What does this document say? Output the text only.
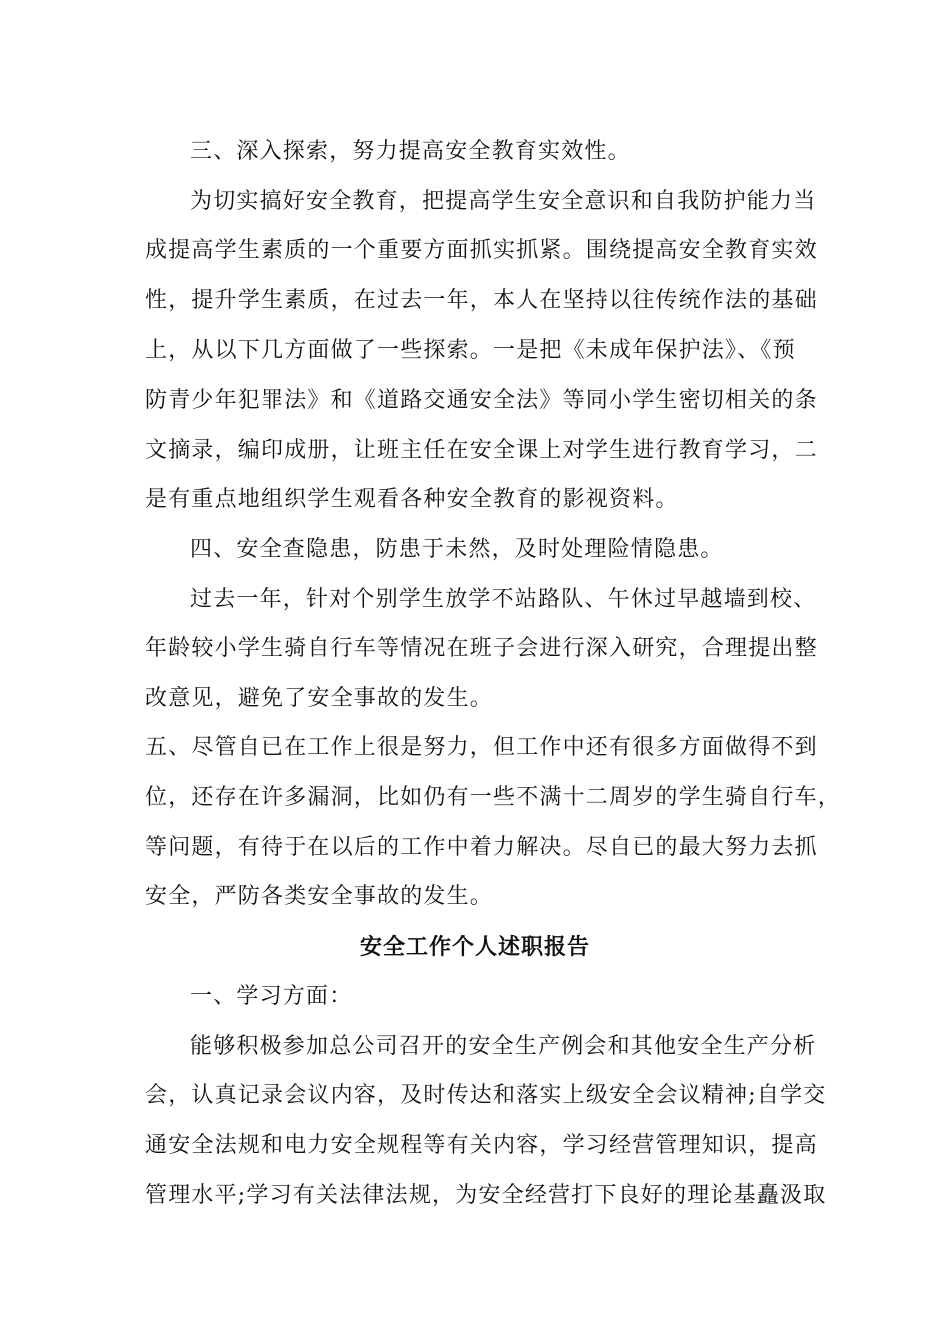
三、深入探索，努力提高安全教育实效性。
为切实搞好安全教育，把提高学生安全意识和自我防护能力当
成提高学生素质的一个重要方面抓实抓紧。围绕提高安全教育实效
性，提升学生素质，在过去一年，本人在坚持以往传统作法的基础
上，从以下几方面做了一些探索。一是把《未成年保护法》、《预
防青少年犯罪法》和《道路交通安全法》等同小学生密切相关的条
文摘录，编印成册，让班主任在安全课上对学生进行教育学习，二
是有重点地组织学生观看各种安全教育的影视资料。
四、安全查隐患，防患于未然，及时处理险情隐患。
过去一年，针对个别学生放学不站路队、午休过早越墙到校、
年龄较小学生骑自行车等情况在班子会进行深入研究，合理提出整
改意见，避免了安全事故的发生。
五、尽管自已在工作上很是努力，但工作中还有很多方面做得不到
位，还存在许多漏洞，比如仍有一些不满十二周岁的学生骑自行车，
等问题，有待于在以后的工作中着力解决。尽自已的最大努力去抓
安全，严防各类安全事故的发生。
安全工作个人述职报告
一、学习方面：
能够积极参加总公司召开的安全生产例会和其他安全生产分析
会，认真记录会议内容，及时传达和落实上级安全会议精神;自学交
通安全法规和电力安全规程等有关内容，学习经营管理知识，提高
管理水平;学习有关法律法规，为安全经营打下良好的理论基矗汲取
